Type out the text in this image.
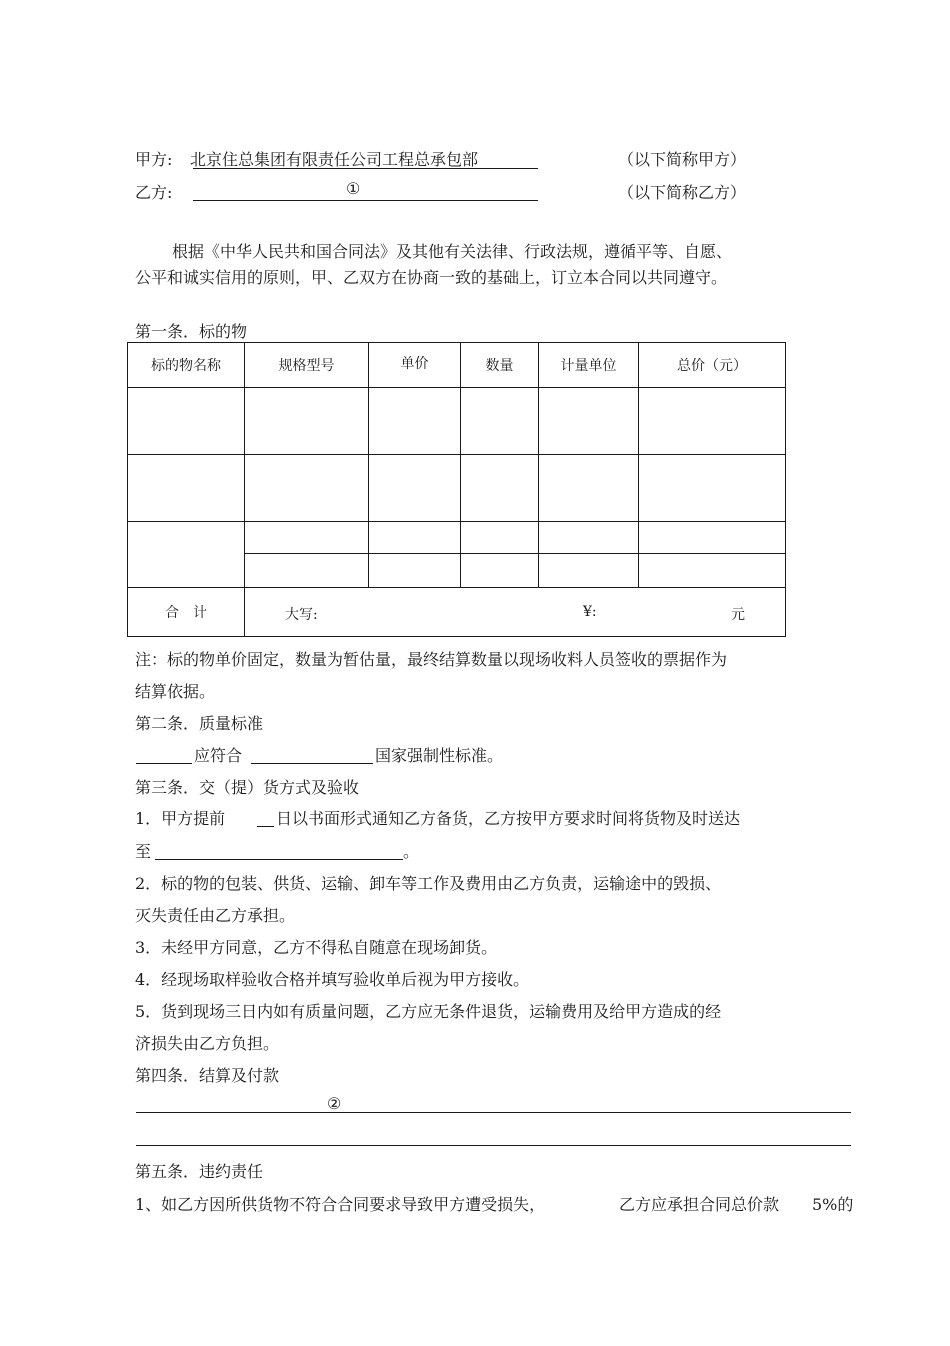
甲方: 北京住总集团有限责任公司工程总承包部	（以下简称甲方）
乙方:	①	（以下简称乙方）
根据《中华人民共和国合同法》及其他有关法律、行政法规，遵循平等、自愿、
公平和诚实信用的原则，甲、乙双方在协商一致的基础上，订立本合同以共同遵守。
第一条．标的物
标的物名称	规格型号	单价	数量	计量单位	总价（元）

合　计	大写: ¥: 元				
注：标的物单价固定，数量为暂估量，最终结算数量以现场收料人员签收的票据作为
结算依据。
第二条．质量标准
应符合	国家强制性标准。
第三条．交（提）货方式及验收
1．甲方提前	日以书面形式通知乙方备货，乙方按甲方要求时间将货物及时送达
至	。
2．标的物的包装、供货、运输、卸车等工作及费用由乙方负责，运输途中的毁损、
灭失责任由乙方承担。
3．未经甲方同意，乙方不得私自随意在现场卸货。
4．经现场取样验收合格并填写验收单后视为甲方接收。
5．货到现场三日内如有质量问题，乙方应无条件退货，运输费用及给甲方造成的经
济损失由乙方负担。
第四条．结算及付款
②
第五条．违约责任
1、如乙方因所供货物不符合合同要求导致甲方遭受损失，	乙方应承担合同总价款 5%的
